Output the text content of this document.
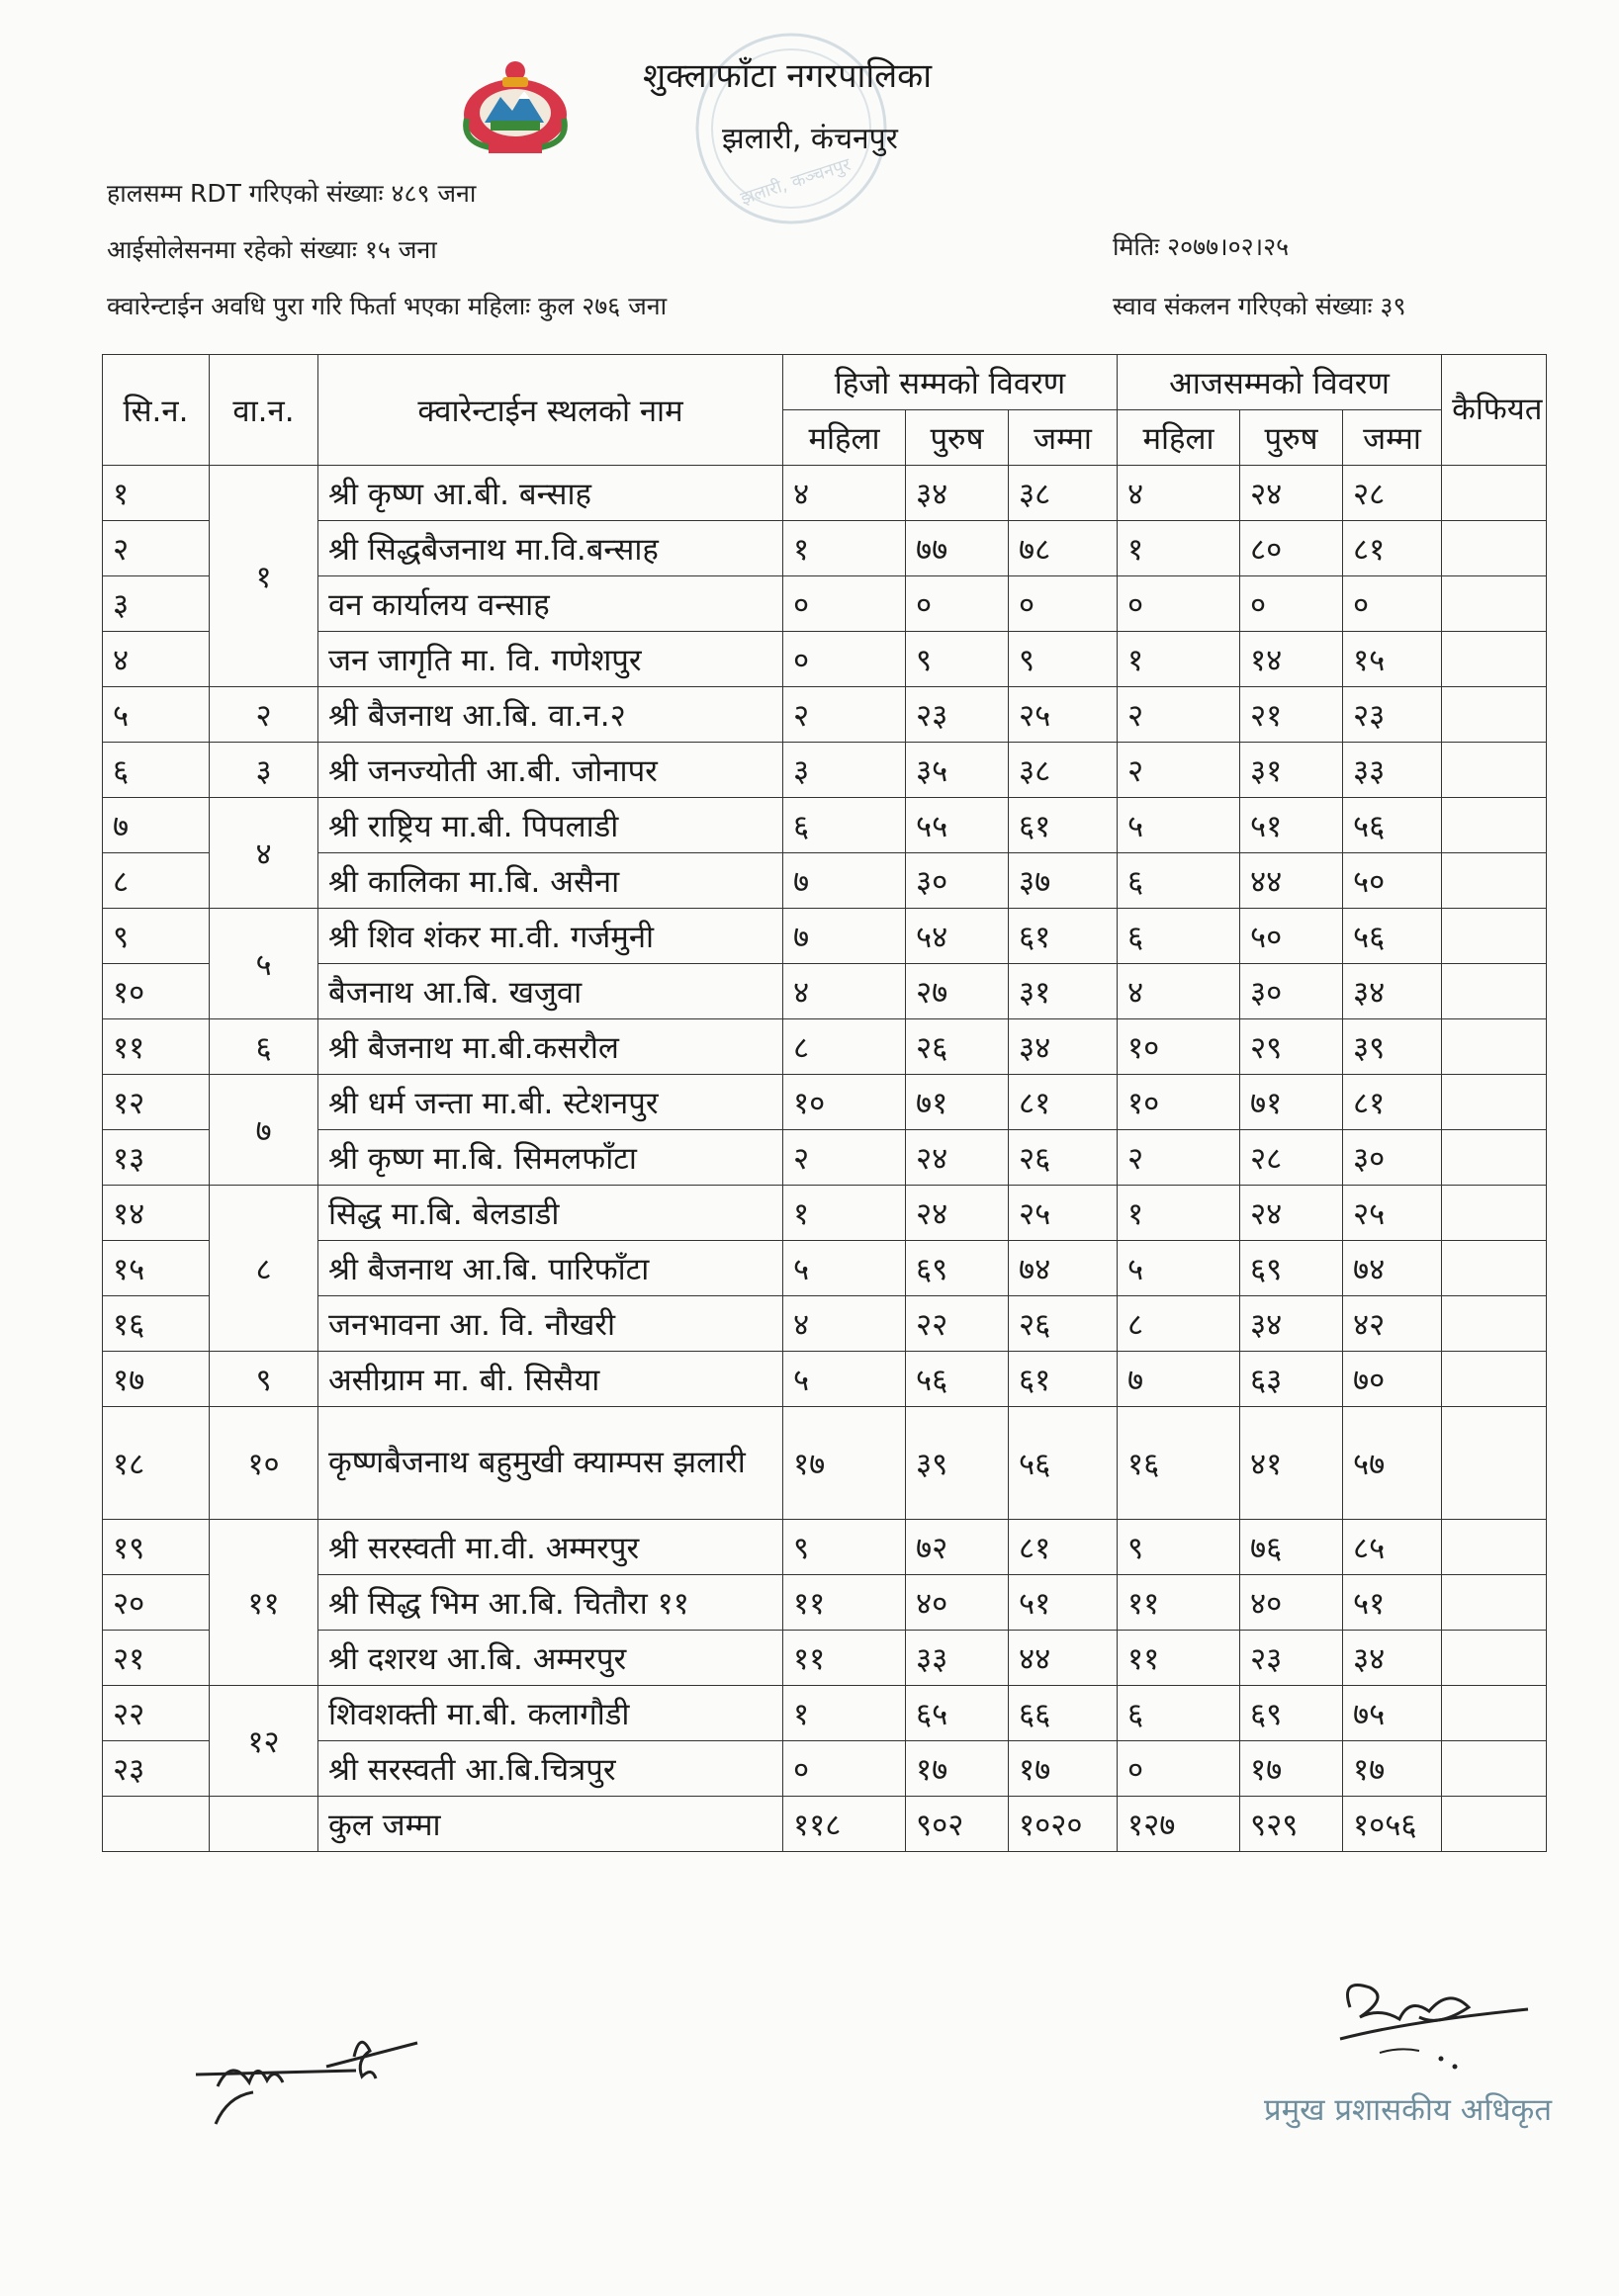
झलारी, कञ्चनपुर
शुक्लाफाँटा नगरपालिका
झलारी, कंचनपुर
हालसम्म RDT गरिएको संख्याः ४८९ जना
आईसोलेसनमा रहेको संख्याः १५ जना
क्वारेन्टाईन अवधि पुरा गरि फिर्ता भएका महिलाः कुल २७६ जना
मितिः २०७७।०२।२५
स्वाव संकलन गरिएको संख्याः ३९
सि.न.	वा.न.	क्वारेन्टाईन स्थलको नाम	हिजो सम्मको विवरण			आजसम्मको विवरण			कैफियत
			महिला	पुरुष	जम्मा	महिला	पुरुष	जम्मा	
१	१	श्री कृष्ण आ.बी. बन्साह	४	३४	३८	४	२४	२८	
२		श्री सिद्धबैजनाथ मा.वि.बन्साह	१	७७	७८	१	८०	८१	
३		वन कार्यालय वन्साह	०	०	०	०	०	०	
४		जन जागृति मा. वि. गणेशपुर	०	९	९	१	१४	१५	
५	२	श्री बैजनाथ आ.बि. वा.न.२	२	२३	२५	२	२१	२३	
६	३	श्री जनज्योती आ.बी. जोनापर	३	३५	३८	२	३१	३३	
७	४	श्री राष्ट्रिय मा.बी. पिपलाडी	६	५५	६१	५	५१	५६	
८		श्री कालिका मा.बि. असैना	७	३०	३७	६	४४	५०	
९	५	श्री शिव शंकर मा.वी. गर्जमुनी	७	५४	६१	६	५०	५६	
१०		बैजनाथ आ.बि. खजुवा	४	२७	३१	४	३०	३४	
११	६	श्री बैजनाथ मा.बी.कसरौल	८	२६	३४	१०	२९	३९	
१२	७	श्री धर्म जन्ता मा.बी. स्टेशनपुर	१०	७१	८१	१०	७१	८१	
१३		श्री कृष्ण मा.बि. सिमलफाँटा	२	२४	२६	२	२८	३०	
१४	८	सिद्ध मा.बि. बेलडाडी	१	२४	२५	१	२४	२५	
१५		श्री बैजनाथ आ.बि. पारिफाँटा	५	६९	७४	५	६९	७४	
१६		जनभावना आ. वि. नौखरी	४	२२	२६	८	३४	४२	
१७	९	असीग्राम मा. बी. सिसैया	५	५६	६१	७	६३	७०	
१८	१०	कृष्णबैजनाथ बहुमुखी क्याम्पस झलारी	१७	३९	५६	१६	४१	५७	
१९	११	श्री सरस्वती मा.वी. अम्मरपुर	९	७२	८१	९	७६	८५	
२०		श्री सिद्ध भिम आ.बि. चितौरा ११	११	४०	५१	११	४०	५१	
२१		श्री दशरथ आ.बि. अम्मरपुर	११	३३	४४	११	२३	३४	
२२	१२	शिवशक्ती मा.बी. कलागौडी	१	६५	६६	६	६९	७५	
२३		श्री सरस्वती आ.बि.चित्रपुर	०	१७	१७	०	१७	१७	
		कुल जम्मा	११८	९०२	१०२०	१२७	९२९	१०५६	
प्रमुख प्रशासकीय अधिकृत
